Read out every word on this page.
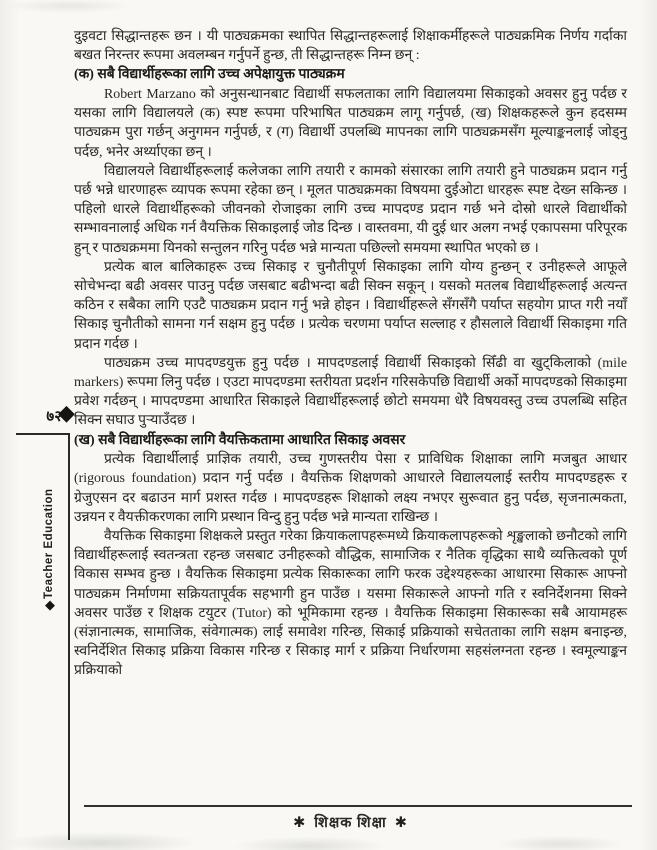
दुइवटा सिद्धान्तहरू छन । यी पाठ्यक्रमका स्थापित सिद्धान्तहरूलाई शिक्षाकर्मीहरूले पाठ्यक्रमिक निर्णय गर्दाका बखत निरन्तर रूपमा अवलम्बन गर्नुपर्ने हुन्छ, ती सिद्धान्तहरू निम्न छन् :

(क) सबै विद्यार्थीहरूका लागि उच्च अपेक्षायुक्त पाठ्यक्रम

Robert Marzano को अनुसन्धानबाट विद्यार्थी सफलताका लागि विद्यालयमा सिकाइको अवसर हुनु पर्दछ र यसका लागि विद्यालयले (क) स्पष्ट रूपमा परिभाषित पाठ्यक्रम लागू गर्नुपर्छ, (ख) शिक्षकहरूले कुन हदसम्म पाठ्यक्रम पुरा गर्छन् अनुगमन गर्नुपर्छ, र (ग) विद्यार्थी उपलब्धि मापनका लागि पाठ्यक्रमसँग मूल्याङ्कनलाई जोड्नु पर्दछ, भनेर अर्थ्याएका छन् ।

विद्यालयले विद्यार्थीहरूलाई कलेजका लागि तयारी र कामको संसारका लागि तयारी हुने पाठ्यक्रम प्रदान गर्नु पर्छ भन्ने धारणाहरू व्यापक रूपमा रहेका छन् । मूलत पाठ्यक्रमका विषयमा दुईओटा धारहरू स्पष्ट देख्न सकिन्छ । पहिलो धारले विद्यार्थीहरूको जीवनको रोजाइका लागि उच्च मापदण्ड प्रदान गर्छ भने दोस्रो धारले विद्यार्थीको सम्भावनालाई अधिक गर्न वैयक्तिक सिकाइलाई जोड दिन्छ । वास्तवमा, यी दुई धार अलग नभई एकापसमा परिपूरक हुन् र पाठ्यक्रममा यिनको सन्तुलन गरिनु पर्दछ भन्ने मान्यता पछिल्लो समयमा स्थापित भएको छ ।

प्रत्येक बाल बालिकाहरू उच्च सिकाइ र चुनौतीपूर्ण सिकाइका लागि योग्य हुन्छन् र उनीहरूले आफूले सोचेभन्दा बढी अवसर पाउनु पर्दछ जसबाट बढीभन्दा बढी सिक्न सकून् । यसको मतलब विद्यार्थीहरूलाई अत्यन्त कठिन र सबैका लागि एउटै पाठ्यक्रम प्रदान गर्नु भन्ने होइन । विद्यार्थीहरूले सँगसँगै पर्याप्त सहयोग प्राप्त गरी नयाँ सिकाइ चुनौतीको सामना गर्न सक्षम हुनु पर्दछ । प्रत्येक चरणमा पर्याप्त सल्लाह र हौसलाले विद्यार्थी सिकाइमा गति प्रदान गर्दछ ।

पाठ्यक्रम उच्च मापदण्डयुक्त हुनु पर्दछ । मापदण्डलाई विद्यार्थी सिकाइको सिँढी वा खुट्किलाको (mile markers) रूपमा लिनु पर्दछ । एउटा मापदण्डमा स्तरीयता प्रदर्शन गरिसकेपछि विद्यार्थी अर्को मापदण्डको सिकाइमा प्रवेश गर्दछन् । मापदण्डमा आधारित सिकाइले विद्यार्थीहरूलाई छोटो समयमा धेरै विषयवस्तु उच्च उपलब्धि सहित सिक्न सघाउ पुऱ्याउँदछ ।

(ख) सबै विद्यार्थीहरूका लागि वैयक्तिकतामा आधारित सिकाइ अवसर

प्रत्येक विद्यार्थीलाई प्राज्ञिक तयारी, उच्च गुणस्तरीय पेसा र प्राविधिक शिक्षाका लागि मजबुत आधार (rigorous foundation) प्रदान गर्नु पर्दछ । वैयक्तिक शिक्षणको आधारले विद्यालयलाई स्तरीय मापदण्डहरू र ग्रेजुएसन दर बढाउन मार्ग प्रशस्त गर्दछ । मापदण्डहरू शिक्षाको लक्ष्य नभएर सुरूवात हुनु पर्दछ, सृजनात्मकता, उन्नयन र वैयक्तीकरणका लागि प्रस्थान विन्दु हुनु पर्दछ भन्ने मान्यता राखिन्छ ।

वैयक्तिक सिकाइमा शिक्षकले प्रस्तुत गरेका क्रियाकलापहरूमध्ये क्रियाकलापहरूको शृङ्खलाको छनौटको लागि विद्यार्थीहरूलाई स्वतन्त्रता रहन्छ जसबाट उनीहरूको वौद्धिक, सामाजिक र नैतिक वृद्धिका साथै व्यक्तित्वको पूर्ण विकास सम्भव हुन्छ । वैयक्तिक सिकाइमा प्रत्येक सिकारूका लागि फरक उद्देश्यहरूका आधारमा सिकारू आफ्नो पाठ्यक्रम निर्माणमा सक्रियतापूर्वक सहभागी हुन पाउँछ । यसमा सिकारूले आफ्नो गति र स्वनिर्देशनमा सिक्ने अवसर पाउँछ र शिक्षक टयुटर (Tutor) को भूमिकामा रहन्छ । वैयक्तिक सिकाइमा सिकारूका सबै आयामहरू (संज्ञानात्मक, सामाजिक, संवेगात्मक) लाई समावेश गरिन्छ, सिकाई प्रक्रियाको सचेतताका लागि सक्षम बनाइन्छ, स्वनिर्देशित सिकाइ प्रक्रिया विकास गरिन्छ र सिकाइ मार्ग र प्रक्रिया निर्धारणमा सहसंलग्नता रहन्छ । स्वमूल्याङ्कन प्रक्रियाको

७२
◆
Teacher Education
◆
✱ शिक्षक शिक्षा ✱
